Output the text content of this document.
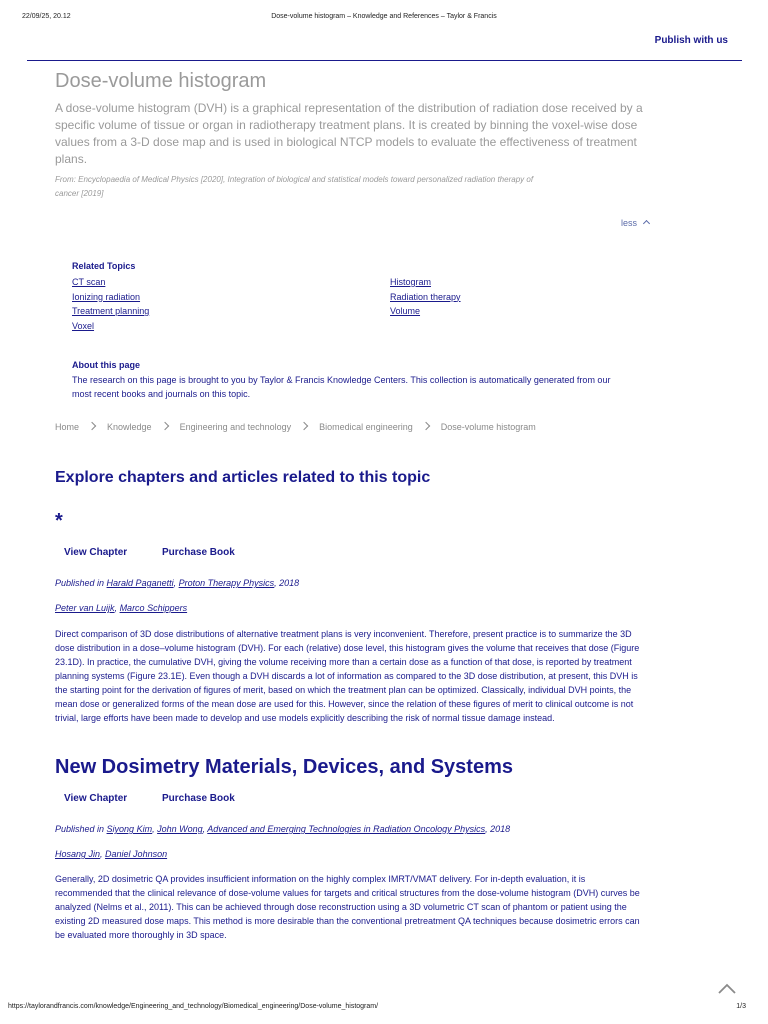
22/09/25, 20.12	Dose-volume histogram – Knowledge and References – Taylor & Francis
Publish with us
Dose-volume histogram
A dose-volume histogram (DVH) is a graphical representation of the distribution of radiation dose received by a
specific volume of tissue or organ in radiotherapy treatment plans. It is created by binning the voxel-wise dose
values from a 3-D dose map and is used in biological NTCP models to evaluate the effectiveness of treatment
plans.
From: Encyclopaedia of Medical Physics [2020], Integration of biological and statistical models toward personalized radiation therapy of
cancer [2019]
less
Related Topics
CT scan
Ionizing radiation
Treatment planning
Voxel
Histogram
Radiation therapy
Volume
About this page
The research on this page is brought to you by Taylor & Francis Knowledge Centers. This collection is automatically generated from our
most recent books and journals on this topic.
Home	Knowledge	Engineering and technology	Biomedical engineering	Dose-volume histogram
Explore chapters and articles related to this topic
*
View Chapter	Purchase Book
Published in Harald Paganetti, Proton Therapy Physics, 2018
Peter van Luijk, Marco Schippers
Direct comparison of 3D dose distributions of alternative treatment plans is very inconvenient. Therefore, present practice is to summarize the 3D
dose distribution in a dose–volume histogram (DVH). For each (relative) dose level, this histogram gives the volume that receives that dose (Figure
23.1D). In practice, the cumulative DVH, giving the volume receiving more than a certain dose as a function of that dose, is reported by treatment
planning systems (Figure 23.1E). Even though a DVH discards a lot of information as compared to the 3D dose distribution, at present, this DVH is
the starting point for the derivation of figures of merit, based on which the treatment plan can be optimized. Classically, individual DVH points, the
mean dose or generalized forms of the mean dose are used for this. However, since the relation of these figures of merit to clinical outcome is not
trivial, large efforts have been made to develop and use models explicitly describing the risk of normal tissue damage instead.
New Dosimetry Materials, Devices, and Systems
View Chapter	Purchase Book
Published in Siyong Kim, John Wong, Advanced and Emerging Technologies in Radiation Oncology Physics, 2018
Hosang Jin, Daniel Johnson
Generally, 2D dosimetric QA provides insufficient information on the highly complex IMRT/VMAT delivery. For in-depth evaluation, it is
recommended that the clinical relevance of dose-volume values for targets and critical structures from the dose-volume histogram (DVH) curves be
analyzed (Nelms et al., 2011). This can be achieved through dose reconstruction using a 3D volumetric CT scan of phantom or patient using the
existing 2D measured dose maps. This method is more desirable than the conventional pretreatment QA techniques because dosimetric errors can
be evaluated more thoroughly in 3D space.
https://taylorandfrancis.com/knowledge/Engineering_and_technology/Biomedical_engineering/Dose-volume_histogram/	1/3
